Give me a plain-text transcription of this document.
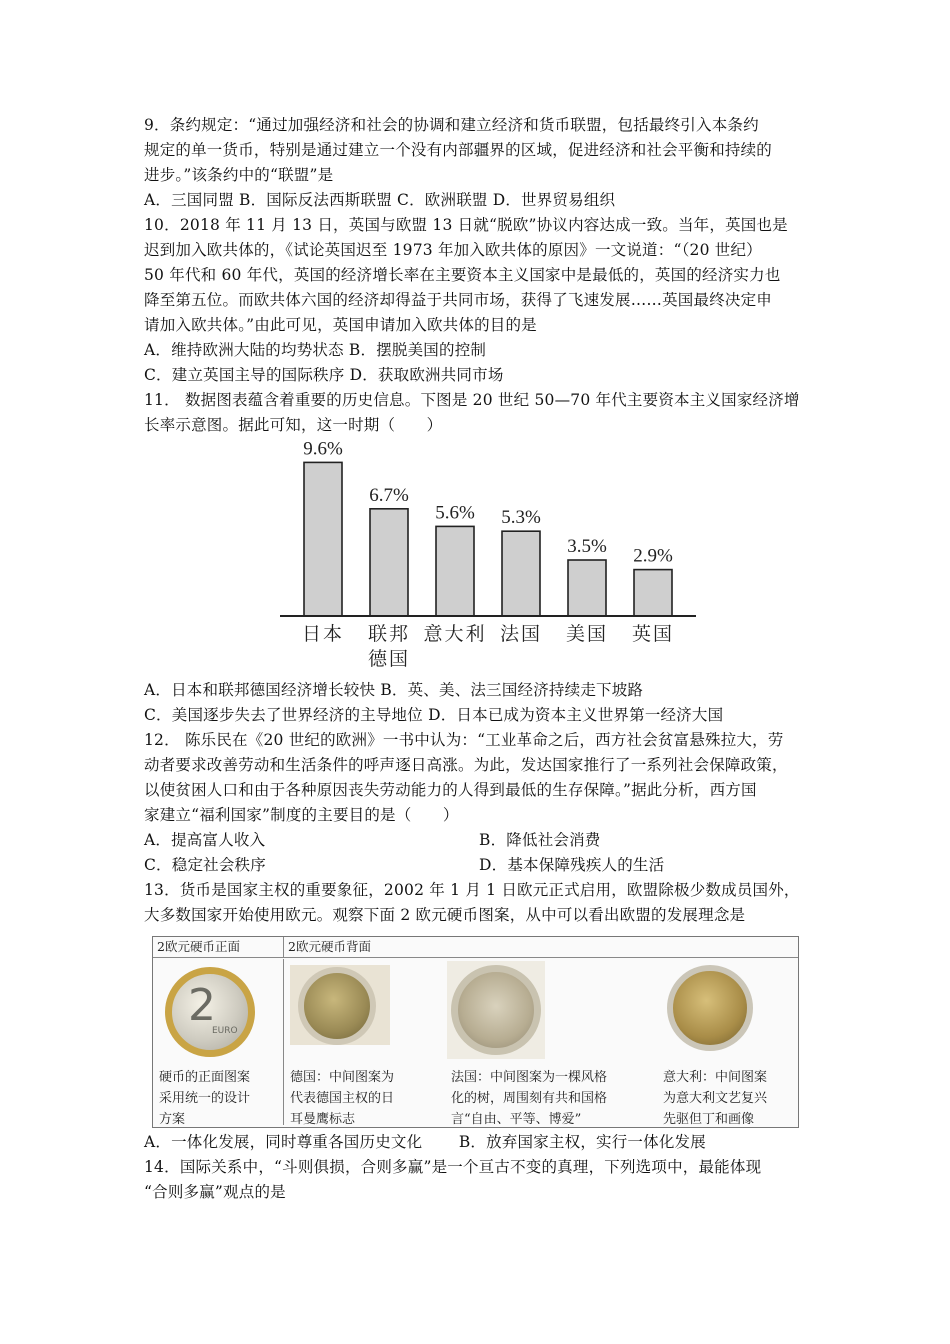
9．条约规定：“通过加强经济和社会的协调和建立经济和货币联盟，包括最终引入本条约
规定的单一货币，特别是通过建立一个没有内部疆界的区域，促进经济和社会平衡和持续的
进步。”该条约中的“联盟”是
A．三国同盟 B．国际反法西斯联盟 C．欧洲联盟 D．世界贸易组织
10．2018 年 11 月 13 日，英国与欧盟 13 日就“脱欧”协议内容达成一致。当年，英国也是
迟到加入欧共体的，《试论英国迟至 1973 年加入欧共体的原因》一文说道：“（20 世纪）
50 年代和 60 年代，英国的经济增长率在主要资本主义国家中是最低的，英国的经济实力也
降至第五位。而欧共体六国的经济却得益于共同市场，获得了飞速发展……英国最终决定申
请加入欧共体。”由此可见，英国申请加入欧共体的目的是
A．维持欧洲大陆的均势状态 B．摆脱美国的控制
C．建立英国主导的国际秩序 D．获取欧洲共同市场
11． 数据图表蕴含着重要的历史信息。下图是 20 世纪 50—70 年代主要资本主义国家经济增
长率示意图。据此可知，这一时期（　　）
9.6%
日本
6.7%
联邦
德国
5.6%
意大利
5.3%
法国
3.5%
美国
2.9%
英国
A．日本和联邦德国经济增长较快 B．英、美、法三国经济持续走下坡路
C．美国逐步失去了世界经济的主导地位 D．日本已成为资本主义世界第一经济大国
12． 陈乐民在《20 世纪的欧洲》一书中认为：“工业革命之后，西方社会贫富悬殊拉大，劳
动者要求改善劳动和生活条件的呼声逐日高涨。为此，发达国家推行了一系列社会保障政策，
以使贫困人口和由于各种原因丧失劳动能力的人得到最低的生存保障。”据此分析，西方国
家建立“福利国家”制度的主要目的是（　　）
A．提高富人收入	B．降低社会消费
C．稳定社会秩序	D．基本保障残疾人的生活
13．货币是国家主权的重要象征，2002 年 1 月 1 日欧元正式启用，欧盟除极少数成员国外，
大多数国家开始使用欧元。观察下面 2 欧元硬币图案，从中可以看出欧盟的发展理念是
2欧元硬币正面	2欧元硬币背面
2
EURO
硬币的正面图案
采用统一的设计
方案
德国：中间图案为
代表德国主权的日
耳曼鹰标志
法国：中间图案为一棵风格
化的树，周围刻有共和国格
言“自由、平等、博爱”
意大利：中间图案
为意大利文艺复兴
先驱但丁和画像
A．一体化发展，同时尊重各国历史文化　　 B．放弃国家主权，实行一体化发展
14．国际关系中，“斗则俱损，合则多赢”是一个亘古不变的真理，下列选项中，最能体现
“合则多赢”观点的是
